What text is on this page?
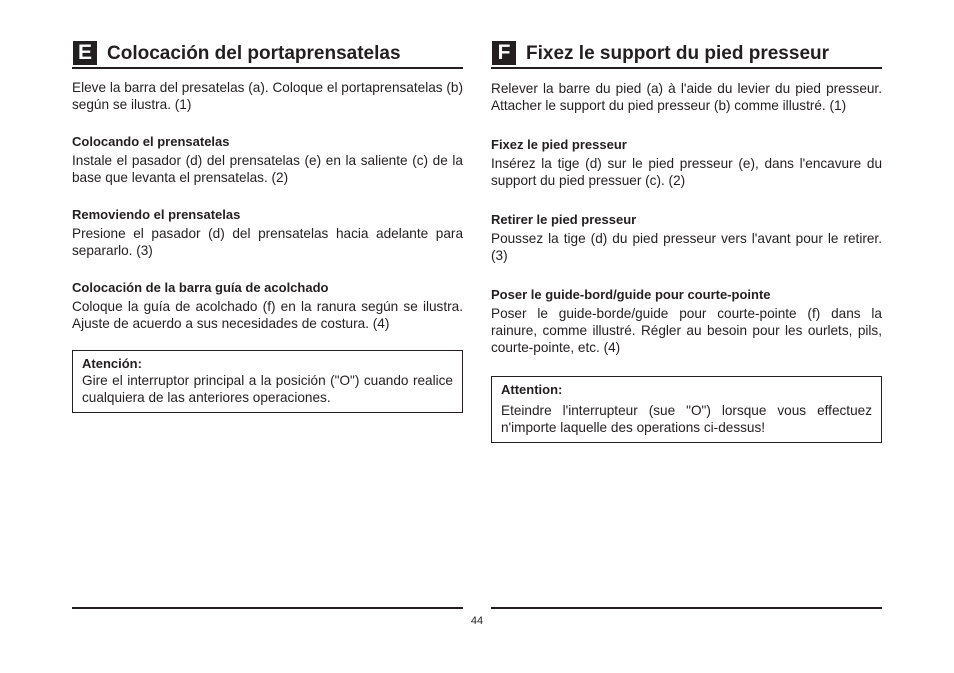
E Colocación del portaprensatelas

Eleve la barra del presatelas (a). Coloque el portaprensatelas (b) según se ilustra. (1)

Colocando el prensatelas

Instale el pasador (d) del prensatelas (e) en la saliente (c) de la base que levanta el prensatelas. (2)

Removiendo el prensatelas

Presione el pasador (d) del prensatelas hacia adelante para separarlo. (3)

Colocación de la barra guía de acolchado

Coloque la guía de acolchado (f) en la ranura según se ilustra. Ajuste de acuerdo a sus necesidades de costura. (4)

Atención:

Gire el interruptor principal a la posición ("O") cuando realice cualquiera de las anteriores operaciones.

F Fixez le support du pied presseur

Relever la barre du pied (a) à l'aide du levier du pied presseur. Attacher le support du pied presseur (b) comme illustré. (1)

Fixez le pied presseur

Insérez la tige (d) sur le pied presseur (e), dans l'encavure du support du pied pressuer (c). (2)

Retirer le pied presseur

Poussez la tige (d) du pied presseur vers l'avant pour le retirer. (3)

Poser le guide-bord/guide pour courte-pointe

Poser le guide-borde/guide pour courte-pointe (f) dans la rainure, comme illustré. Régler au besoin pour les ourlets, pils, courte-pointe, etc. (4)

Attention:

Eteindre l'interrupteur (sue "O") lorsque vous effectuez n'importe laquelle des operations ci-dessus!

44
